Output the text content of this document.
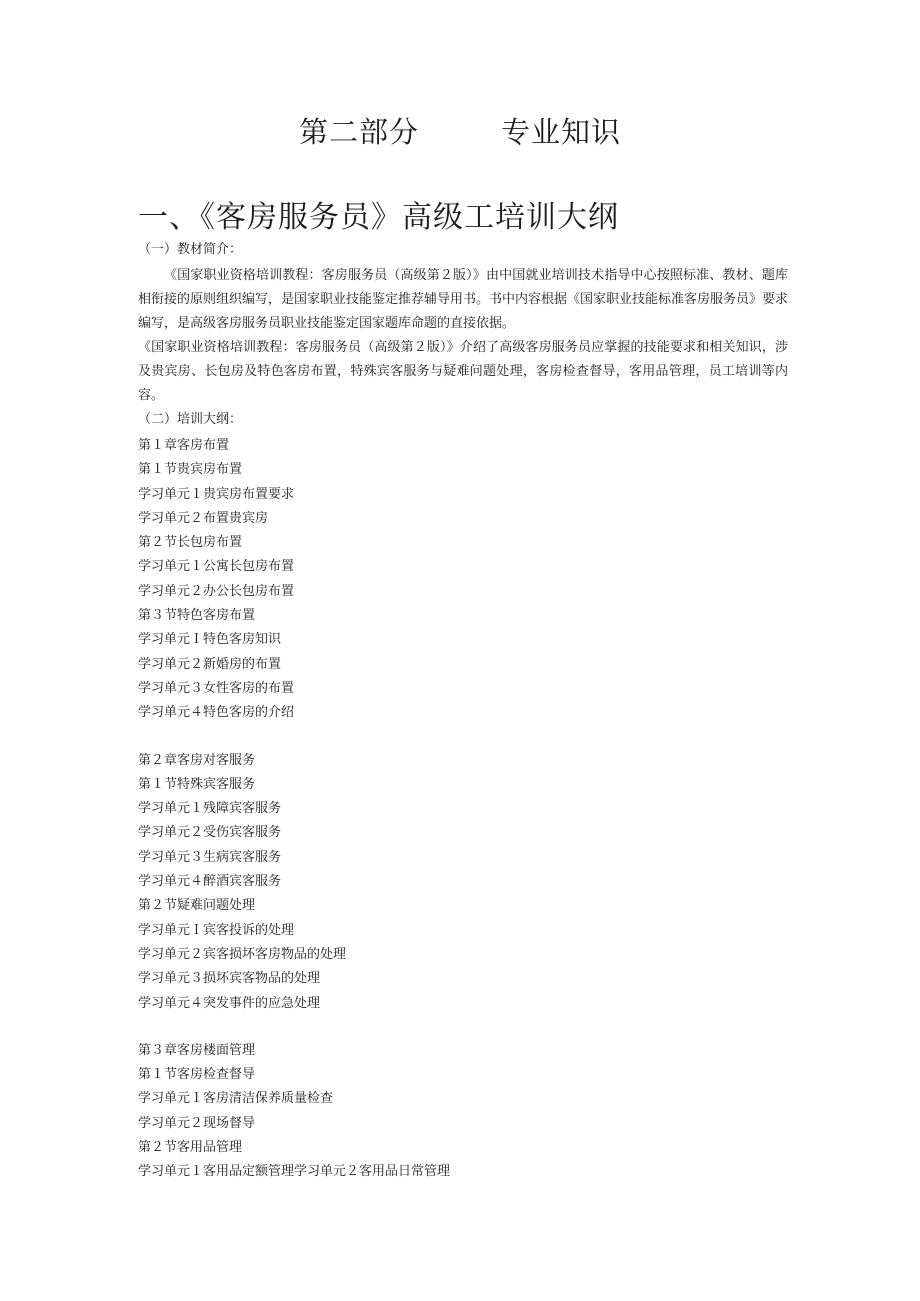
第二部分	专业知识
一、《客房服务员》高级工培训大纲

（一）教材简介：

《国家职业资格培训教程：客房服务员（高级第２版）》由中国就业培训技术指导中心按照标准、教材、题库相衔接的原则组织编写，是国家职业技能鉴定推荐辅导用书。书中内容根据《国家职业技能标准客房服务员》要求编写，是高级客房服务员职业技能鉴定国家题库命题的直接依据。

《国家职业资格培训教程：客房服务员（高级第２版）》介绍了高级客房服务员应掌握的技能要求和相关知识，涉及贵宾房、长包房及特色客房布置，特殊宾客服务与疑难问题处理，客房检查督导，客用品管理，员工培训等内容。

（二）培训大纲：

第１章客房布置
第１节贵宾房布置
学习单元１贵宾房布置要求
学习单元２布置贵宾房
第２节长包房布置
学习单元１公寓长包房布置
学习单元２办公长包房布置
第３节特色客房布置
学习单元Ｉ特色客房知识
学习单元２新婚房的布置
学习单元３女性客房的布置
学习单元４特色客房的介绍
第２章客房对客服务
第１节特殊宾客服务
学习单元１残障宾客服务
学习单元２受伤宾客服务
学习单元３生病宾客服务
学习单元４醉酒宾客服务
第２节疑难问题处理
学习单元Ｉ宾客投诉的处理
学习单元２宾客损坏客房物品的处理
学习单元３损坏宾客物品的处理
学习单元４突发事件的应急处理
第３章客房楼面管理
第１节客房检查督导
学习单元１客房清洁保养质量检查
学习单元２现场督导
第２节客用品管理
学习单元１客用品定额管理学习单元２客用品日常管理
